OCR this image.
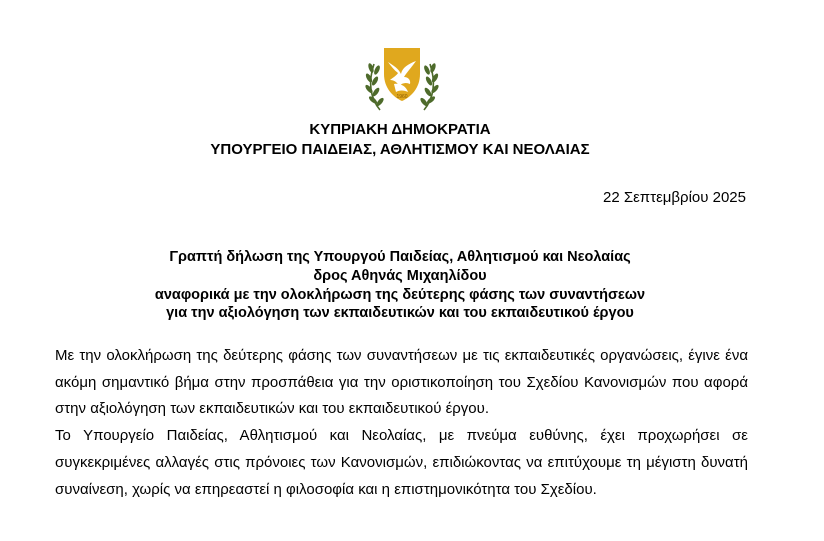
1960
ΚΥΠΡΙΑΚΗ ΔΗΜΟΚΡΑΤΙΑ
ΥΠΟΥΡΓΕΙΟ ΠΑΙΔΕΙΑΣ, ΑΘΛΗΤΙΣΜΟΥ ΚΑΙ ΝΕΟΛΑΙΑΣ
22 Σεπτεμβρίου 2025
Γραπτή δήλωση της Υπουργού Παιδείας, Αθλητισμού και Νεολαίας
δρος Αθηνάς Μιχαηλίδου
αναφορικά με την ολοκλήρωση της δεύτερης φάσης των συναντήσεων
για την αξιολόγηση των εκπαιδευτικών και του εκπαιδευτικού έργου

Με την ολοκλήρωση της δεύτερης φάσης των συναντήσεων με τις εκπαιδευτικές οργανώσεις, έγινε ένα ακόμη σημαντικό βήμα στην προσπάθεια για την οριστικοποίηση του Σχεδίου Κανονισμών που αφορά στην αξιολόγηση των εκπαιδευτικών και του εκπαιδευτικού έργου.

Το Υπουργείο Παιδείας, Αθλητισμού και Νεολαίας, με πνεύμα ευθύνης, έχει προχωρήσει σε συγκεκριμένες αλλαγές στις πρόνοιες των Κανονισμών, επιδιώκοντας να επιτύχουμε τη μέγιστη δυνατή συναίνεση, χωρίς να επηρεαστεί η φιλοσοφία και η επιστημονικότητα του Σχεδίου.
